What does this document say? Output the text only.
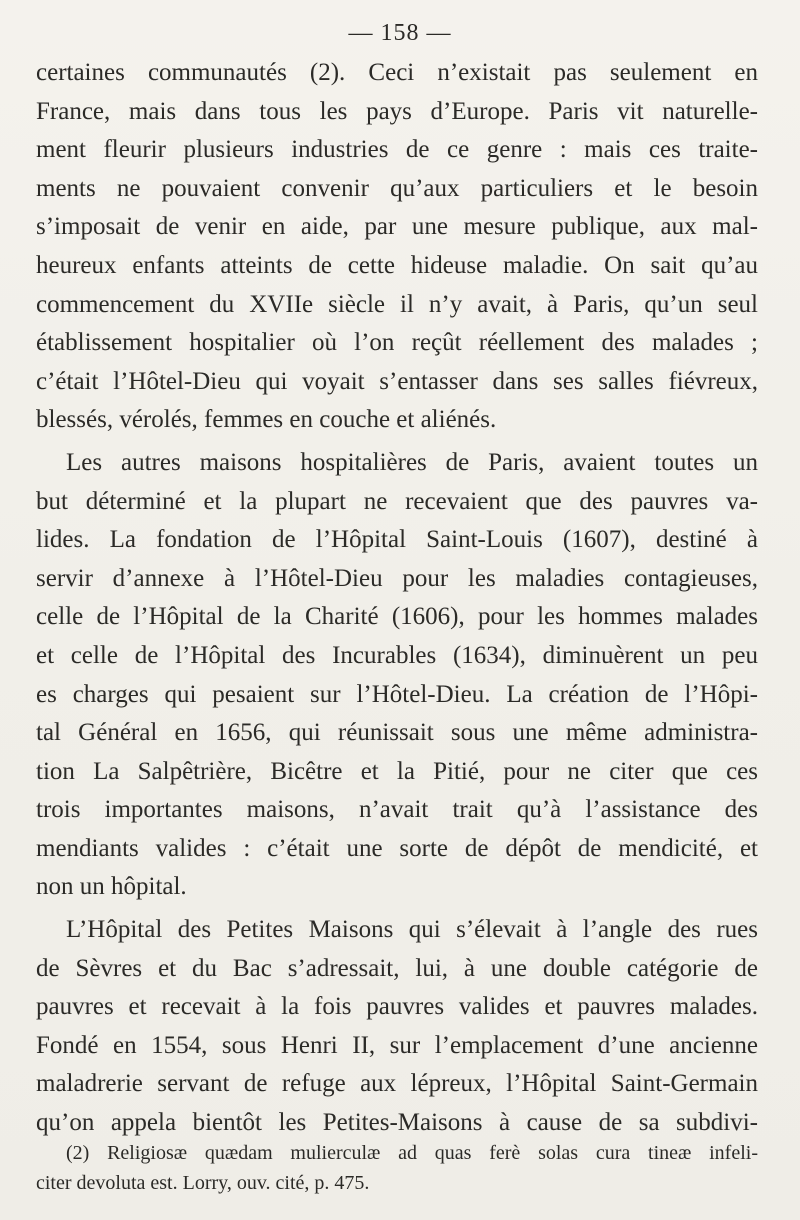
— 158 —
certaines communautés (2). Ceci n’existait pas seulement en
France, mais dans tous les pays d’Europe. Paris vit naturelle-
ment fleurir plusieurs industries de ce genre : mais ces traite-
ments ne pouvaient convenir qu’aux particuliers et le besoin
s’imposait de venir en aide, par une mesure publique, aux mal-
heureux enfants atteints de cette hideuse maladie. On sait qu’au
commencement du XVIIe siècle il n’y avait, à Paris, qu’un seul
établissement hospitalier où l’on reçût réellement des malades ;
c’était l’Hôtel-Dieu qui voyait s’entasser dans ses salles fiévreux,
blessés, vérolés, femmes en couche et aliénés.
Les autres maisons hospitalières de Paris, avaient toutes un
but déterminé et la plupart ne recevaient que des pauvres va-
lides. La fondation de l’Hôpital Saint-Louis (1607), destiné à
servir d’annexe à l’Hôtel-Dieu pour les maladies contagieuses,
celle de l’Hôpital de la Charité (1606), pour les hommes malades
et celle de l’Hôpital des Incurables (1634), diminuèrent un peu
es charges qui pesaient sur l’Hôtel-Dieu. La création de l’Hôpi-
tal Général en 1656, qui réunissait sous une même administra-
tion La Salpêtrière, Bicêtre et la Pitié, pour ne citer que ces
trois importantes maisons, n’avait trait qu’à l’assistance des
mendiants valides : c’était une sorte de dépôt de mendicité, et
non un hôpital.
L’Hôpital des Petites Maisons qui s’élevait à l’angle des rues
de Sèvres et du Bac s’adressait, lui, à une double catégorie de
pauvres et recevait à la fois pauvres valides et pauvres malades.
Fondé en 1554, sous Henri II, sur l’emplacement d’une ancienne
maladrerie servant de refuge aux lépreux, l’Hôpital Saint-Germain
qu’on appela bientôt les Petites-Maisons à cause de sa subdivi-
(2) Religiosæ quædam mulierculæ ad quas ferè solas cura tineæ infeli-
citer devoluta est. Lorry, ouv. cité, p. 475.
